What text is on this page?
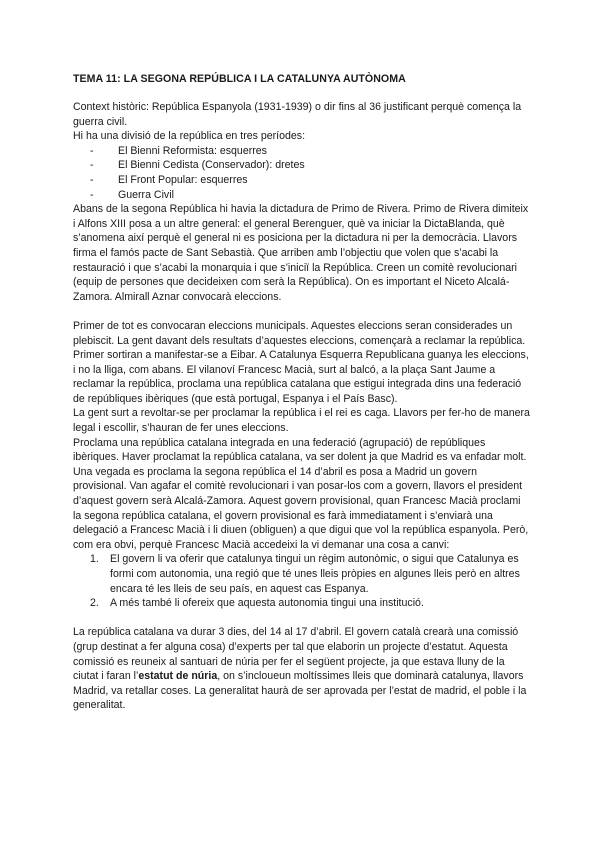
TEMA 11: LA SEGONA REPÚBLICA I LA CATALUNYA AUTÒNOMA

Context històric: República Espanyola (1931-1939) o dir fins al 36 justificant perquè comença la guerra civil.

Hi ha una divisió de la república en tres períodes:

- El Bienni Reformista: esquerres
- El Bienni Cedista (Conservador): dretes
- El Front Popular: esquerres
- Guerra Civil

Abans de la segona República hi havia la dictadura de Primo de Rivera. Primo de Rivera dimiteix i Alfons XIII posa a un altre general: el general Berenguer, què va iniciar la DictaBlanda, què s’anomena així perquè el general ni es posiciona per la dictadura ni per la democràcia. Llavors firma el famós pacte de Sant Sebastià. Que arriben amb l’objectiu que volen que s’acabi la restauració i que s’acabi la monarquia i que s’iniciï la República. Creen un comitè revolucionari (equip de persones que decideixen com serà la República). On es important el Niceto Alcalá-Zamora. Almirall Aznar convocarà eleccions.

Primer de tot es convocaran eleccions municipals. Aquestes eleccions seran considerades un plebiscit. La gent davant dels resultats d’aquestes eleccions, començarà a reclamar la república. Primer sortiran a manifestar-se a Eibar. A Catalunya Esquerra Republicana guanya les eleccions, i no la lliga, com abans. El vilanoví Francesc Macià, surt al balcó, a la plaça Sant Jaume a reclamar la república, proclama una república catalana que estigui integrada dins una federació de repúbliques ibèriques (que està portugal, Espanya i el País Basc).

La gent surt a revoltar-se per proclamar la república i el rei es caga. Llavors per fer-ho de manera legal i escollir, s’hauran de fer unes eleccions.

Proclama una república catalana integrada en una federació (agrupació) de repúbliques ibèriques. Haver proclamat la república catalana, va ser dolent ja que Madrid es va enfadar molt.

Una vegada es proclama la segona república el 14 d’abril es posa a Madrid un govern provisional. Van agafar el comitè revolucionari i van posar-los com a govern, llavors el president d’aquest govern serà Alcalá-Zamora. Aquest govern provisional, quan Francesc Macià proclami la segona república catalana, el govern provisional es farà immediatament i s’enviarà una delegació a Francesc Macià i li diuen (obliguen) a que digui que vol la república espanyola. Però, com era obvi, perquè Francesc Macià accedeixi la vi demanar una cosa a canvi:

1. El govern li va oferir que catalunya tingui un règim autonòmic, o sigui que Catalunya es formi com autonomia, una regió que té unes lleis pròpies en algunes lleis però en altres encara té les lleis de seu país, en aquest cas Espanya.
2. A més també li ofereix que aquesta autonomia tingui una institució.

La república catalana va durar 3 dies, del 14 al 17 d’abril. El govern català crearà una comissió (grup destinat a fer alguna cosa) d’experts per tal que elaborin un projecte d’estatut. Aquesta comissió es reuneix al santuari de núria per fer el següent projecte, ja que estava lluny de la ciutat i faran l’estatut de núria, on s’incloueun moltíssimes lleis que dominarà catalunya, llavors Madrid, va retallar coses. La generalitat haurà de ser aprovada per l’estat de madrid, el poble i la generalitat.
